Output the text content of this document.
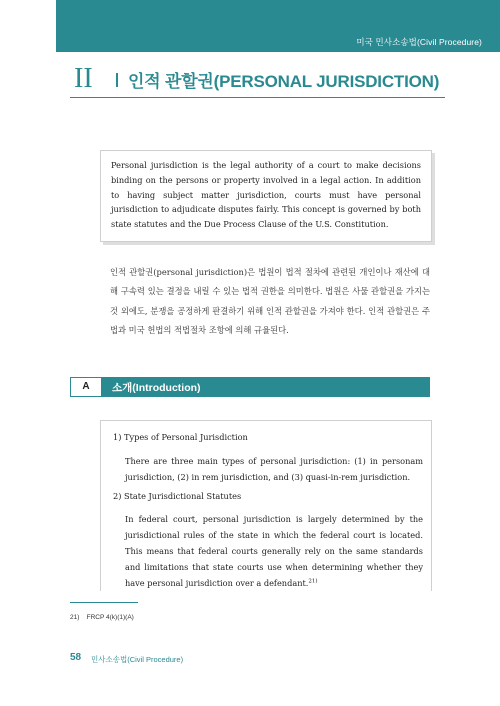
미국 민사소송법(Civil Procedure)
II 인적 관할권(PERSONAL JURISDICTION)
Personal jurisdiction is the legal authority of a court to make decisions binding on the persons or property involved in a legal action. In addition to having subject matter jurisdiction, courts must have personal jurisdiction to adjudicate disputes fairly. This concept is governed by both state statutes and the Due Process Clause of the U.S. Constitution.
인적 관할권(personal jurisdiction)은 법원이 법적 절차에 관련된 개인이나 재산에 대해 구속력 있는 결정을 내릴 수 있는 법적 권한을 의미한다. 법원은 사물 관할권을 가지는 것 외에도, 분쟁을 공정하게 판결하기 위해 인적 관할권을 가져야 한다. 인적 관할권은 주법과 미국 헌법의 적법절차 조항에 의해 규율된다.
A	소개(Introduction)
1) Types of Personal Jurisdiction
There are three main types of personal jurisdiction: (1) in personam jurisdiction, (2) in rem jurisdiction, and (3) quasi-in-rem jurisdiction.
2) State Jurisdictional Statutes
In federal court, personal jurisdiction is largely determined by the jurisdictional rules of the state in which the federal court is located. This means that federal courts generally rely on the same standards and limitations that state courts use when determining whether they have personal jurisdiction over a defendant.$^{21)}$
21) FRCP 4(k)(1)(A)
58 민사소송법(Civil Procedure)
